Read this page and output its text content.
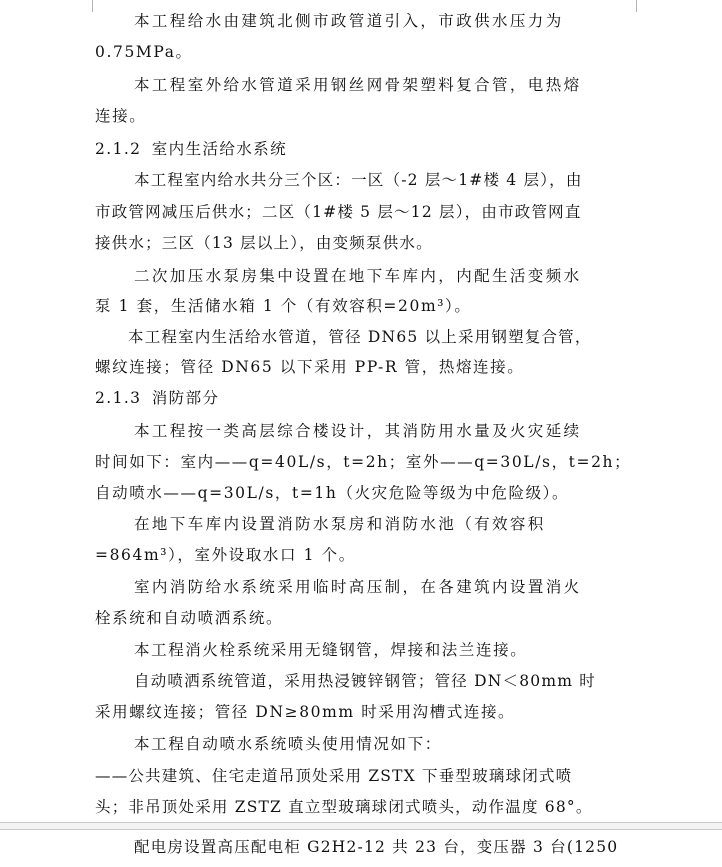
本工程给水由建筑北侧市政管道引入，市政供水压力为

0.75MPa。

本工程室外给水管道采用钢丝网骨架塑料复合管，电热熔

连接。

2.1.2 室内生活给水系统

本工程室内给水共分三个区：一区（-2 层～1#楼 4 层），由

市政管网减压后供水；二区（1#楼 5 层～12 层），由市政管网直

接供水；三区（13 层以上），由变频泵供水。

二次加压水泵房集中设置在地下车库内，内配生活变频水

泵 1 套，生活储水箱 1 个（有效容积=20m³）。

本工程室内生活给水管道，管径 DN65 以上采用钢塑复合管，

螺纹连接；管径 DN65 以下采用 PP-R 管，热熔连接。

2.1.3 消防部分

本工程按一类高层综合楼设计，其消防用水量及火灾延续

时间如下：室内——q=40L/s，t=2h；室外——q=30L/s，t=2h；

自动喷水——q=30L/s，t=1h（火灾危险等级为中危险级）。

在地下车库内设置消防水泵房和消防水池（有效容积

=864m³），室外设取水口 1 个。

室内消防给水系统采用临时高压制，在各建筑内设置消火

栓系统和自动喷洒系统。

本工程消火栓系统采用无缝钢管，焊接和法兰连接。

自动喷洒系统管道，采用热浸镀锌钢管；管径 DN＜80mm 时

采用螺纹连接；管径 DN≥80mm 时采用沟槽式连接。

本工程自动喷水系统喷头使用情况如下：

——公共建筑、住宅走道吊顶处采用 ZSTX 下垂型玻璃球闭式喷

头；非吊顶处采用 ZSTZ 直立型玻璃球闭式喷头，动作温度 68°。

配电房设置高压配电柜 G2H2-12 共 23 台，变压器 3 台(1250
